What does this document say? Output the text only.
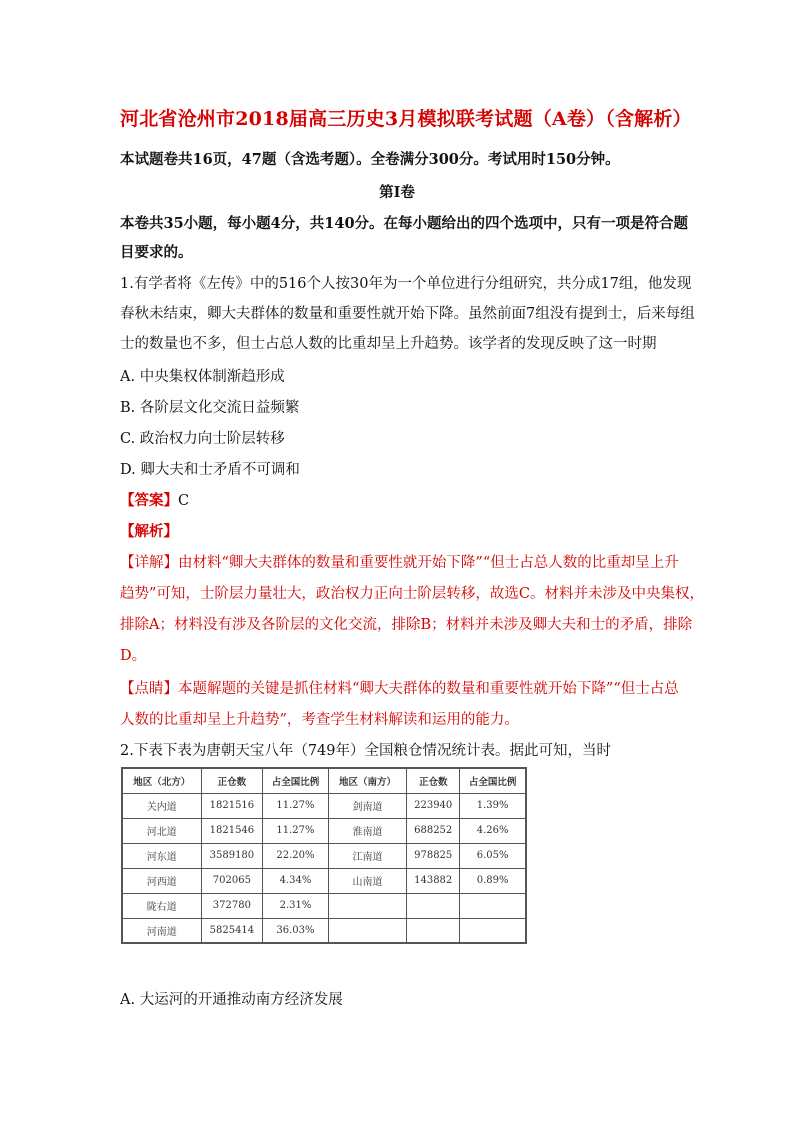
河北省沧州市2018届高三历史3月模拟联考试题（A卷）（含解析）
本试题卷共16页，47题（含选考题）。全卷满分300分。考试用时150分钟。
第Ⅰ卷
本卷共35小题，每小题4分，共140分。在每小题给出的四个选项中，只有一项是符合题
目要求的。
1.有学者将《左传》中的516个人按30年为一个单位进行分组研究，共分成17组，他发现
春秋未结束，卿大夫群体的数量和重要性就开始下降。虽然前面7组没有提到士，后来每组
士的数量也不多，但士占总人数的比重却呈上升趋势。该学者的发现反映了这一时期
A. 中央集权体制渐趋形成
B. 各阶层文化交流日益频繁
C. 政治权力向士阶层转移
D. 卿大夫和士矛盾不可调和
【答案】C
【解析】
【详解】由材料“卿大夫群体的数量和重要性就开始下降”“但士占总人数的比重却呈上升
趋势”可知，士阶层力量壮大，政治权力正向士阶层转移，故选C。材料并未涉及中央集权，
排除A；材料没有涉及各阶层的文化交流，排除B；材料并未涉及卿大夫和士的矛盾，排除
D。
【点睛】本题解题的关键是抓住材料“卿大夫群体的数量和重要性就开始下降”“但士占总
人数的比重却呈上升趋势”，考查学生材料解读和运用的能力。
2.下表下表为唐朝天宝八年（749年）全国粮仓情况统计表。据此可知，当时
地区（北方）	正仓数	占全国比例	地区（南方）	正仓数	占全国比例
关内道	1821516	11.27%	剑南道	223940	1.39%
河北道	1821546	11.27%	淮南道	688252	4.26%
河东道	3589180	22.20%	江南道	978825	6.05%
河西道	702065	4.34%	山南道	143882	0.89%
陇右道	372780	2.31%			
河南道	5825414	36.03%			
A. 大运河的开通推动南方经济发展
